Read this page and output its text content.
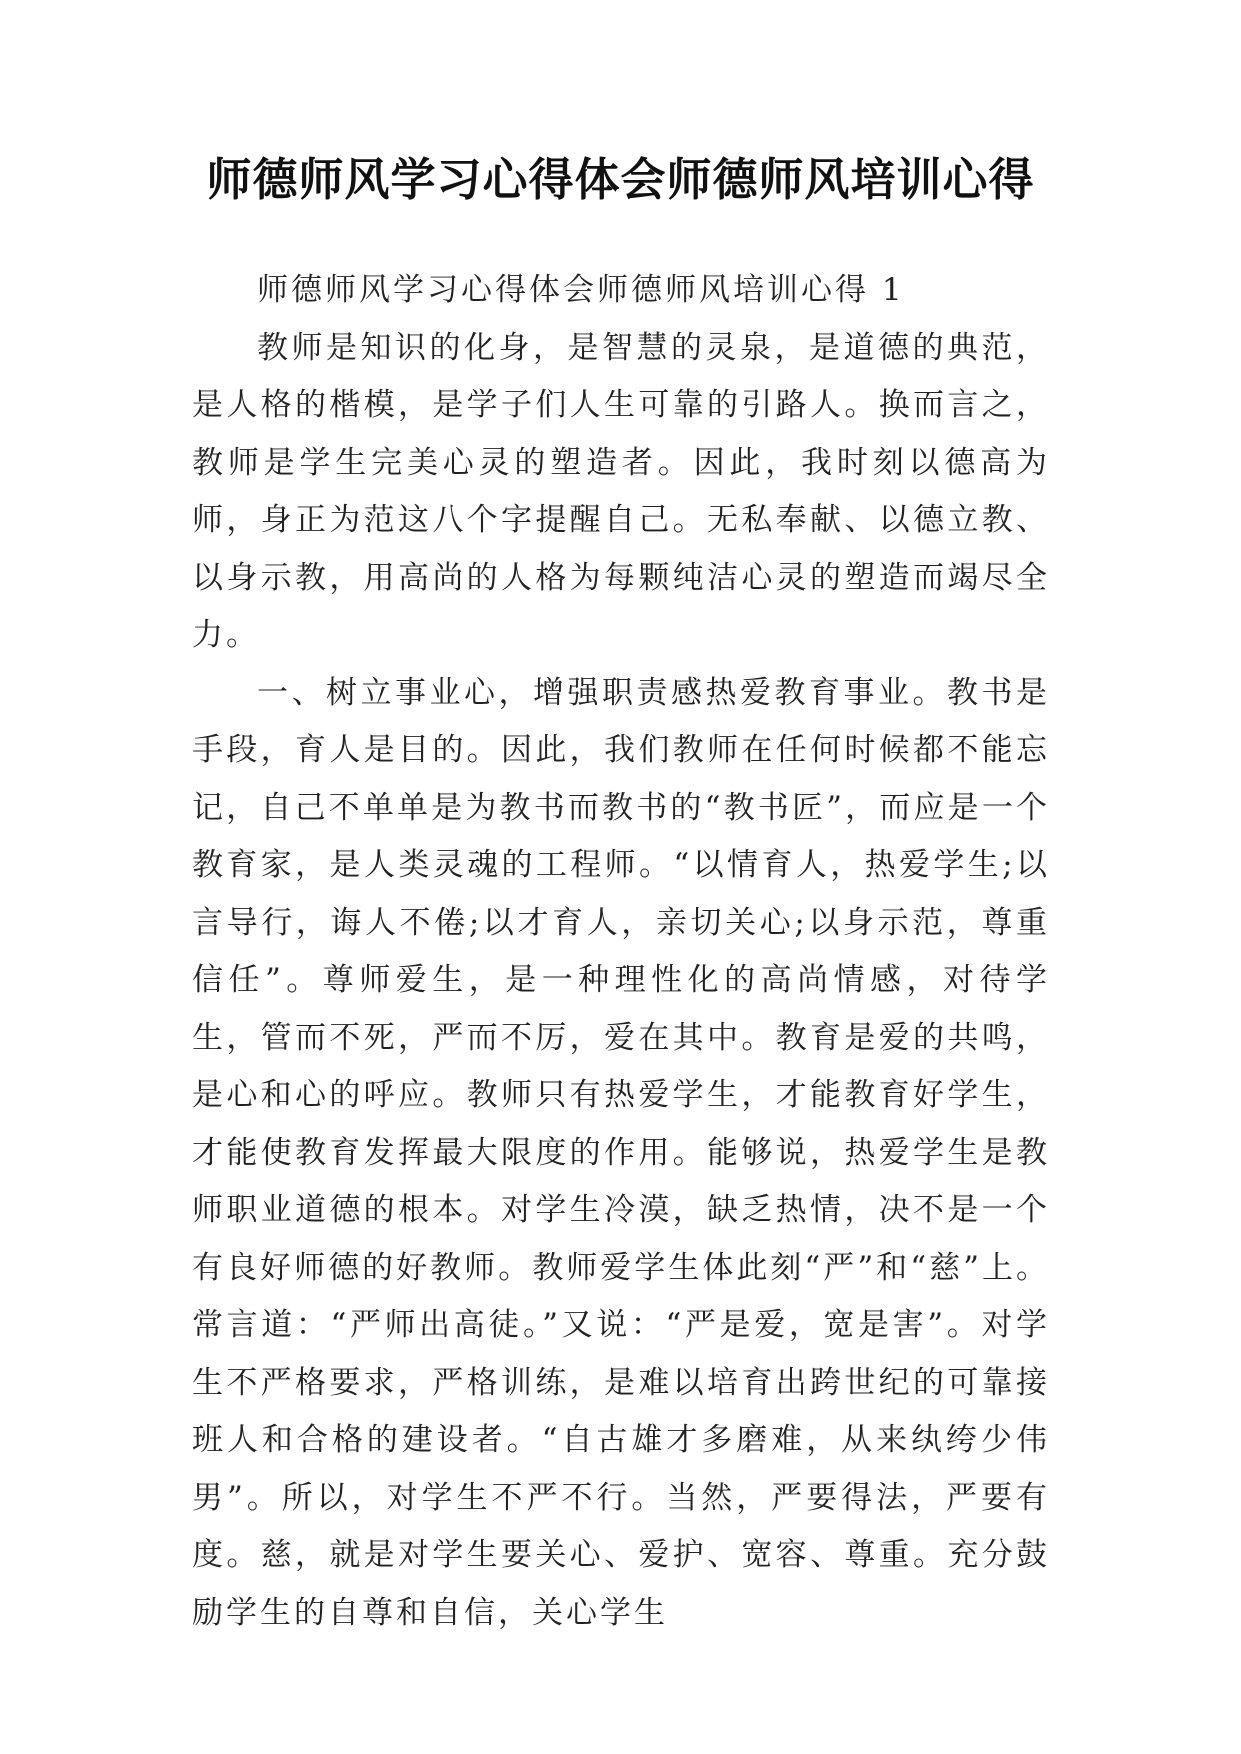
师德师风学习心得体会师德师风培训心得

师德师风学习心得体会师德师风培训心得 1

教师是知识的化身，是智慧的灵泉，是道德的典范，是人格的楷模，是学子们人生可靠的引路人。换而言之，教师是学生完美心灵的塑造者。因此，我时刻以德高为师，身正为范这八个字提醒自己。无私奉献、以德立教、以身示教，用高尚的人格为每颗纯洁心灵的塑造而竭尽全力。

一、树立事业心，增强职责感热爱教育事业。教书是手段，育人是目的。因此，我们教师在任何时候都不能忘记，自己不单单是为教书而教书的“教书匠”，而应是一个教育家，是人类灵魂的工程师。“以情育人，热爱学生;以言导行，诲人不倦;以才育人，亲切关心;以身示范，尊重信任”。尊师爱生，是一种理性化的高尚情感，对待学生，管而不死，严而不厉，爱在其中。教育是爱的共鸣，是心和心的呼应。教师只有热爱学生，才能教育好学生，才能使教育发挥最大限度的作用。能够说，热爱学生是教师职业道德的根本。对学生冷漠，缺乏热情，决不是一个有良好师德的好教师。教师爱学生体此刻“严”和“慈”上。常言道：“严师出高徒。”又说：“严是爱，宽是害”。对学生不严格要求，严格训练，是难以培育出跨世纪的可靠接班人和合格的建设者。“自古雄才多磨难，从来纨绔少伟男”。所以，对学生不严不行。当然，严要得法，严要有度。慈，就是对学生要关心、爱护、宽容、尊重。充分鼓励学生的自尊和自信，关心学生
